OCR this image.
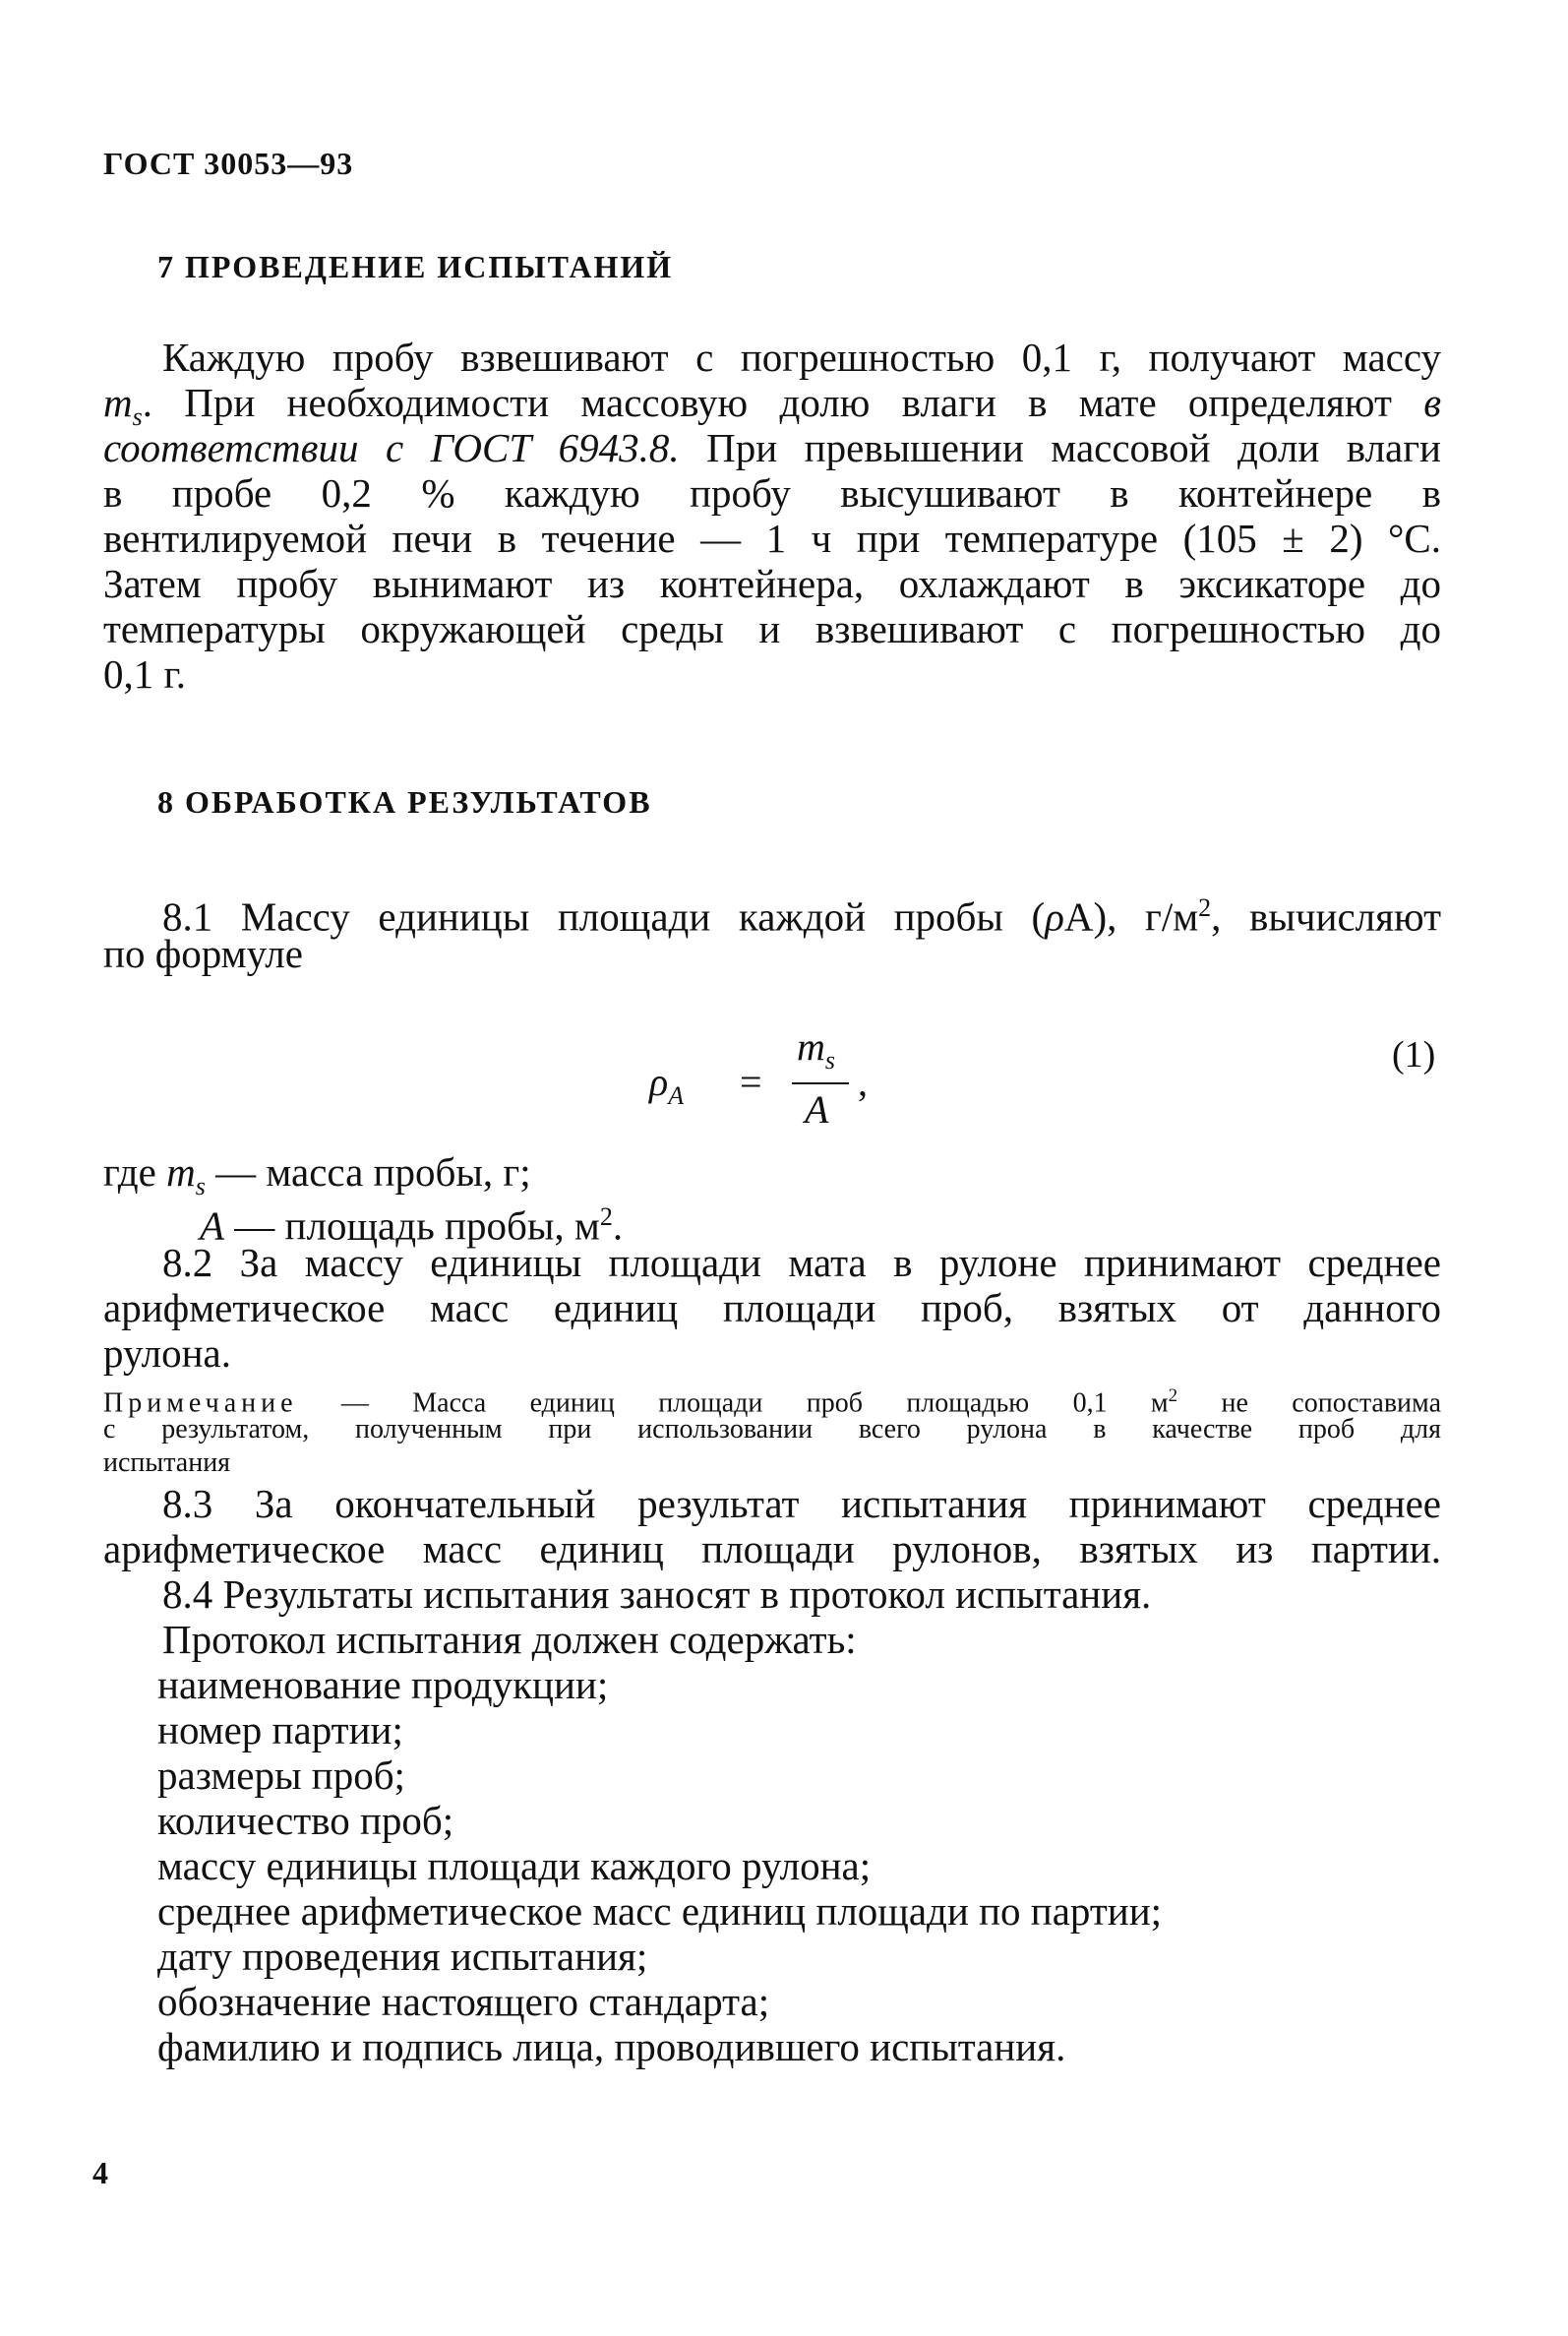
ГОСТ 30053—93
7 ПРОВЕДЕНИЕ ИСПЫТАНИЙ
Каждую пробу взвешивают с погрешностью 0,1 г, получают массу
$m_s$. При необходимости массовую долю влаги в мате определяют в
соответствии с ГОСТ 6943.8. При превышении массовой доли влаги
в пробе 0,2 % каждую пробу высушивают в контейнере в
вентилируемой печи в течение — 1 ч при температуре (105 ± 2) °С.
Затем пробу вынимают из контейнера, охлаждают в эксикаторе до
температуры окружающей среды и взвешивают с погрешностью до
0,1 г.
8 ОБРАБОТКА РЕЗУЛЬТАТОВ
8.1 Массу единицы площади каждой пробы (ρА), $г/м^2$, вычисляют
по формуле
$\rho_A$ =
$m_s$
A
,
(1)
где $m_s$ — масса пробы, г;
A — площадь пробы, $м^2$.
8.2 За массу единицы площади мата в рулоне принимают среднее
арифметическое масс единиц площади проб, взятых от данного
рулона.
Примечание — Масса единиц площади проб площадью 0,1 $м^2$ не сопоставима
с результатом, полученным при использовании всего рулона в качестве проб для
испытания
8.3 За окончательный результат испытания принимают среднее
арифметическое масс единиц площади рулонов, взятых из партии.
8.4 Результаты испытания заносят в протокол испытания.
Протокол испытания должен содержать:
наименование продукции;
номер партии;
размеры проб;
количество проб;
массу единицы площади каждого рулона;
среднее арифметическое масс единиц площади по партии;
дату проведения испытания;
обозначение настоящего стандарта;
фамилию и подпись лица, проводившего испытания.
4
